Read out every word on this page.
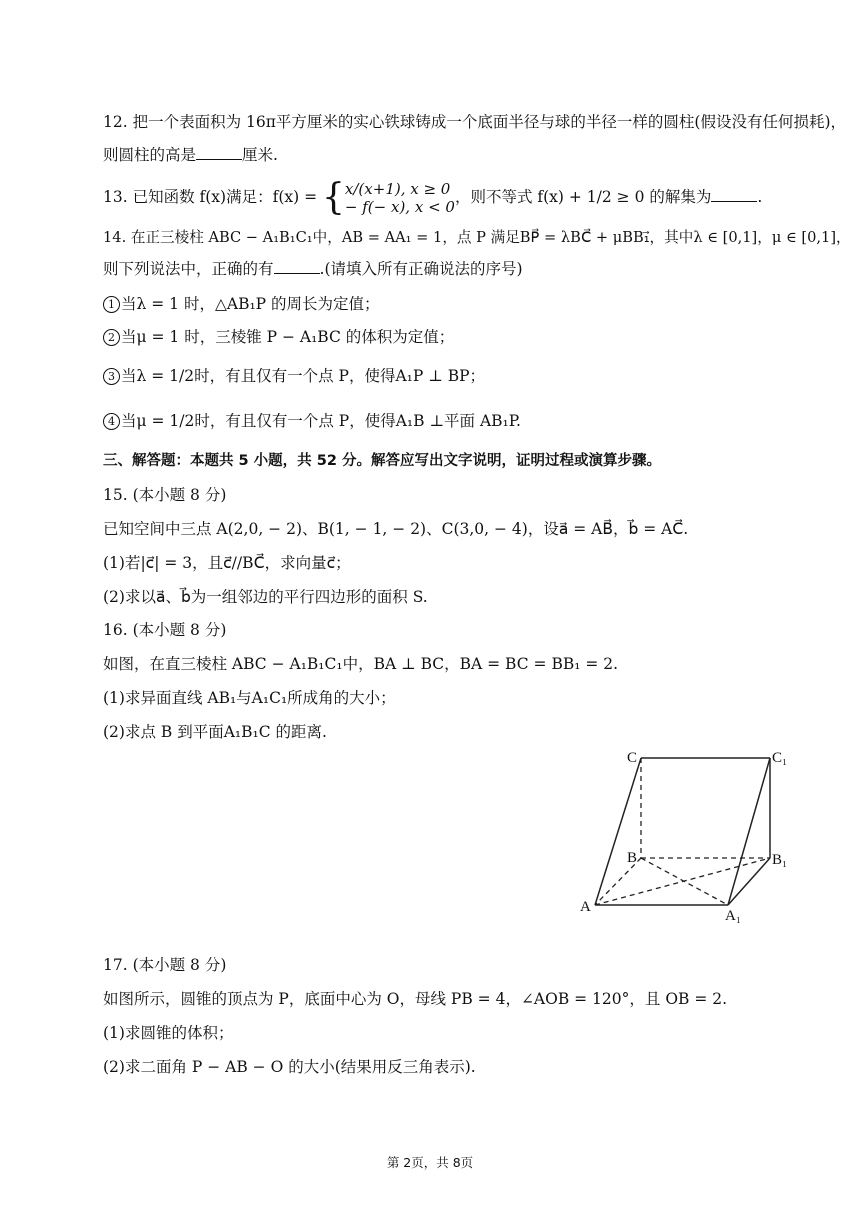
12. 把一个表面积为 16π平方厘米的实心铁球铸成一个底面半径与球的半径一样的圆柱(假设没有任何损耗)，
则圆柱的高是	厘米.
13. 已知函数 f(x)满足：f(x) = { x/(x+1), x ≥ 0
− f(− x), x < 0
，则不等式 f(x) + 1/2 ≥ 0 的解集为	.
14. 在正三棱柱 ABC − A₁B₁C₁中，AB = AA₁ = 1，点 P 满足BP⃗ = λBC⃗ + μBB₁⃗，其中λ ∈ [0,1]，μ ∈ [0,1]，
则下列说法中，正确的有	.(请填入所有正确说法的序号)
1 当λ = 1 时，△AB₁P 的周长为定值；
2 当μ = 1 时，三棱锥 P − A₁BC 的体积为定值；
3 当λ = 1/2时，有且仅有一个点 P，使得A₁P ⊥ BP；
4 当μ = 1/2时，有且仅有一个点 P，使得A₁B ⊥平面 AB₁P.
三、解答题：本题共 5 小题，共 52 分。解答应写出文字说明，证明过程或演算步骤。
15. (本小题 8 分)
已知空间中三点 A(2,0, − 2)、B(1, − 1, − 2)、C(3,0, − 4)，设a⃗ = AB⃗，b⃗ = AC⃗.
(1)若|c⃗| = 3，且c⃗//BC⃗，求向量c⃗；
(2)求以a⃗、b⃗为一组邻边的平行四边形的面积 S.
16. (本小题 8 分)
如图，在直三棱柱 ABC − A₁B₁C₁中，BA ⊥ BC，BA = BC = BB₁ = 2.
(1)求异面直线 AB₁与A₁C₁所成角的大小；
(2)求点 B 到平面A₁B₁C 的距离.
C	C₁
B	B₁
A
A₁
17. (本小题 8 分)
如图所示，圆锥的顶点为 P，底面中心为 O，母线 PB = 4，∠AOB = 120°，且 OB = 2.
(1)求圆锥的体积；
(2)求二面角 P − AB − O 的大小(结果用反三角表示).
第 2页，共 8页
